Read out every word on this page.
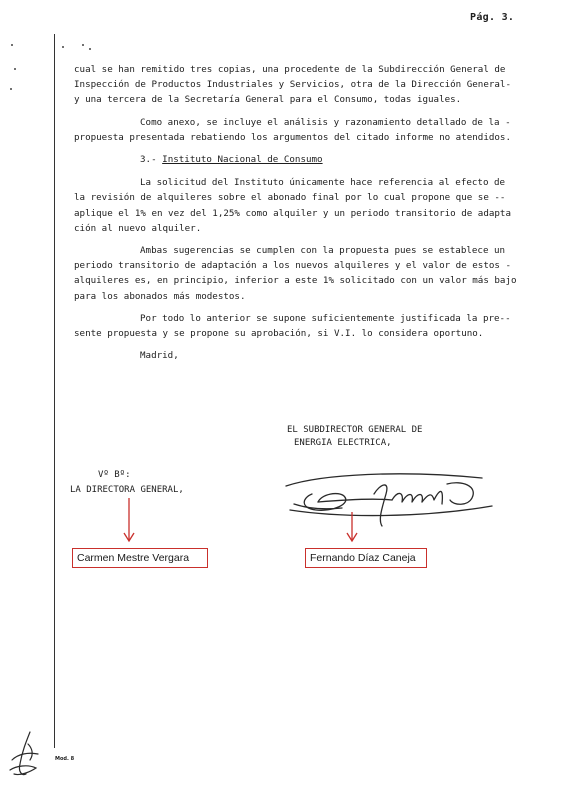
Pág. 3.

cual se han remitido tres copias, una procedente de la Subdirección General de
Inspección de Productos Industriales y Servicios, otra de la Dirección General-
y una tercera de la Secretaría General para el Consumo, todas iguales.

Como anexo, se incluye el análisis y razonamiento detallado de la -
propuesta presentada rebatiendo los argumentos del citado informe no atendidos.

3.- Instituto Nacional de Consumo

La solicitud del Instituto únicamente hace referencia al efecto de
la revisión de alquileres sobre el abonado final por lo cual propone que se --
aplique el 1% en vez del 1,25% como alquiler y un periodo transitorio de adapta
ción al nuevo alquiler.

Ambas sugerencias se cumplen con la propuesta pues se establece un
periodo transitorio de adaptación a los nuevos alquileres y el valor de estos -
alquileres es, en principio, inferior a este 1% solicitado con un valor más bajo
para los abonados más modestos.

Por todo lo anterior se supone suficientemente justificada la pre--
sente propuesta y se propone su aprobación, si V.I. lo considera oportuno.

Madrid,
EL SUBDIRECTOR GENERAL DE
ENERGIA ELECTRICA,
Vº Bº:
LA DIRECTORA GENERAL,
Carmen Mestre Vergara	Fernando Díaz Caneja
Mod. 8
